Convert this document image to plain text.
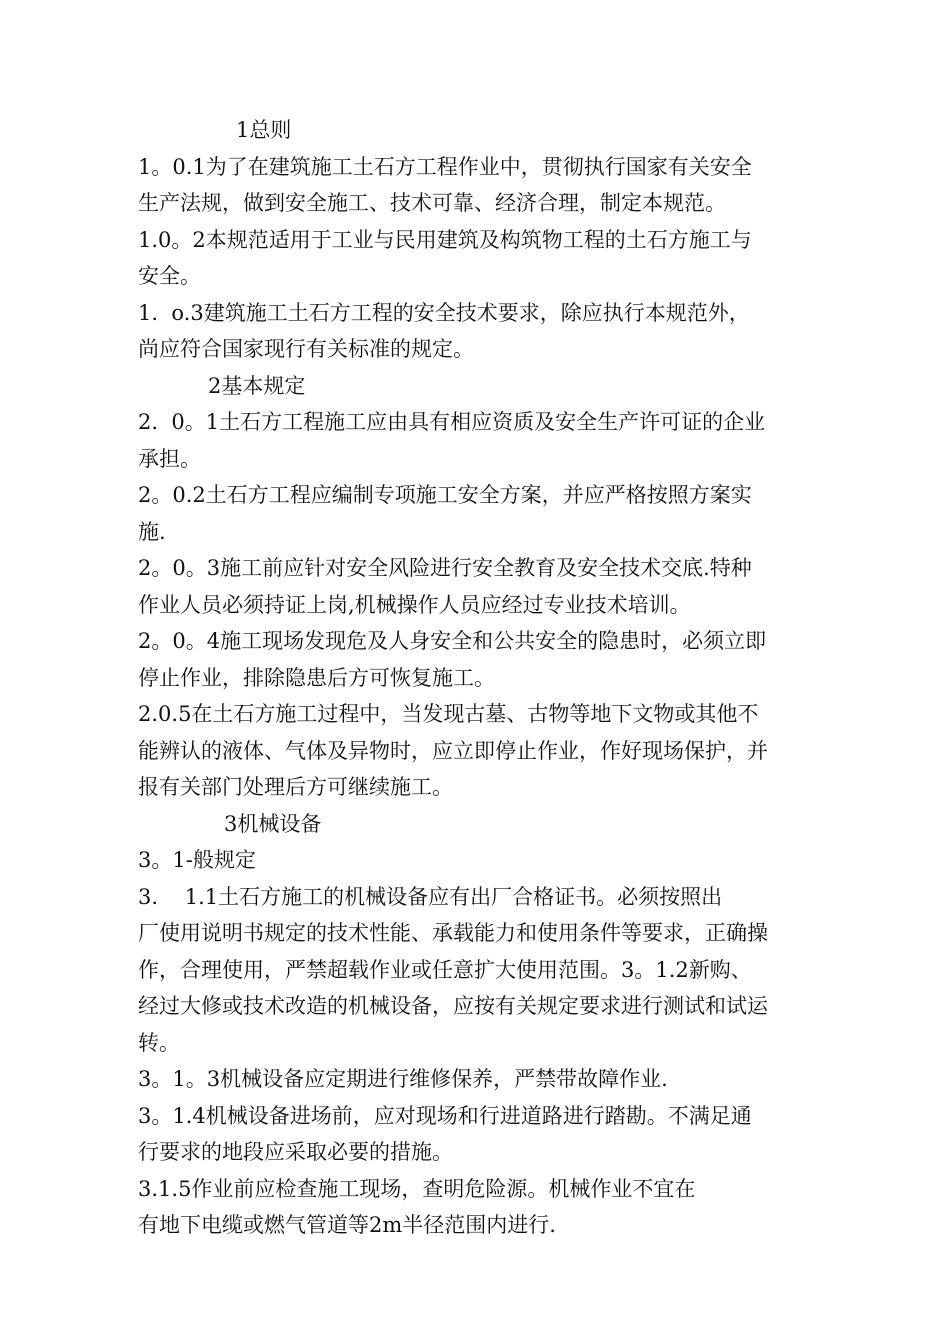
1总则
1。0.1为了在建筑施工土石方工程作业中，贯彻执行国家有关安全
生产法规，做到安全施工、技术可靠、经济合理，制定本规范。
1.0。2本规范适用于工业与民用建筑及构筑物工程的土石方施工与
安全。
1.  o.3建筑施工土石方工程的安全技术要求，除应执行本规范外，
尚应符合国家现行有关标准的规定。
2基本规定
2.  0。1土石方工程施工应由具有相应资质及安全生产许可证的企业
承担。
2。0.2土石方工程应编制专项施工安全方案，并应严格按照方案实
施.
2。0。3施工前应针对安全风险进行安全教育及安全技术交底.特种
作业人员必须持证上岗,机械操作人员应经过专业技术培训。
2。0。4施工现场发现危及人身安全和公共安全的隐患时，必须立即
停止作业，排除隐患后方可恢复施工。
2.0.5在土石方施工过程中，当发现古墓、古物等地下文物或其他不
能辨认的液体、气体及异物时，应立即停止作业，作好现场保护，并
报有关部门处理后方可继续施工。
3机械设备
3。1-般规定
3.    1.1土石方施工的机械设备应有出厂合格证书。必须按照出
厂使用说明书规定的技术性能、承载能力和使用条件等要求，正确操
作，合理使用，严禁超载作业或任意扩大使用范围。3。1.2新购、
经过大修或技术改造的机械设备，应按有关规定要求进行测试和试运
转。
3。1。3机械设备应定期进行维修保养，严禁带故障作业.
3。1.4机械设备进场前，应对现场和行进道路进行踏勘。不满足通
行要求的地段应采取必要的措施。
3.1.5作业前应检查施工现场，查明危险源。机械作业不宜在
有地下电缆或燃气管道等2m半径范围内进行.
